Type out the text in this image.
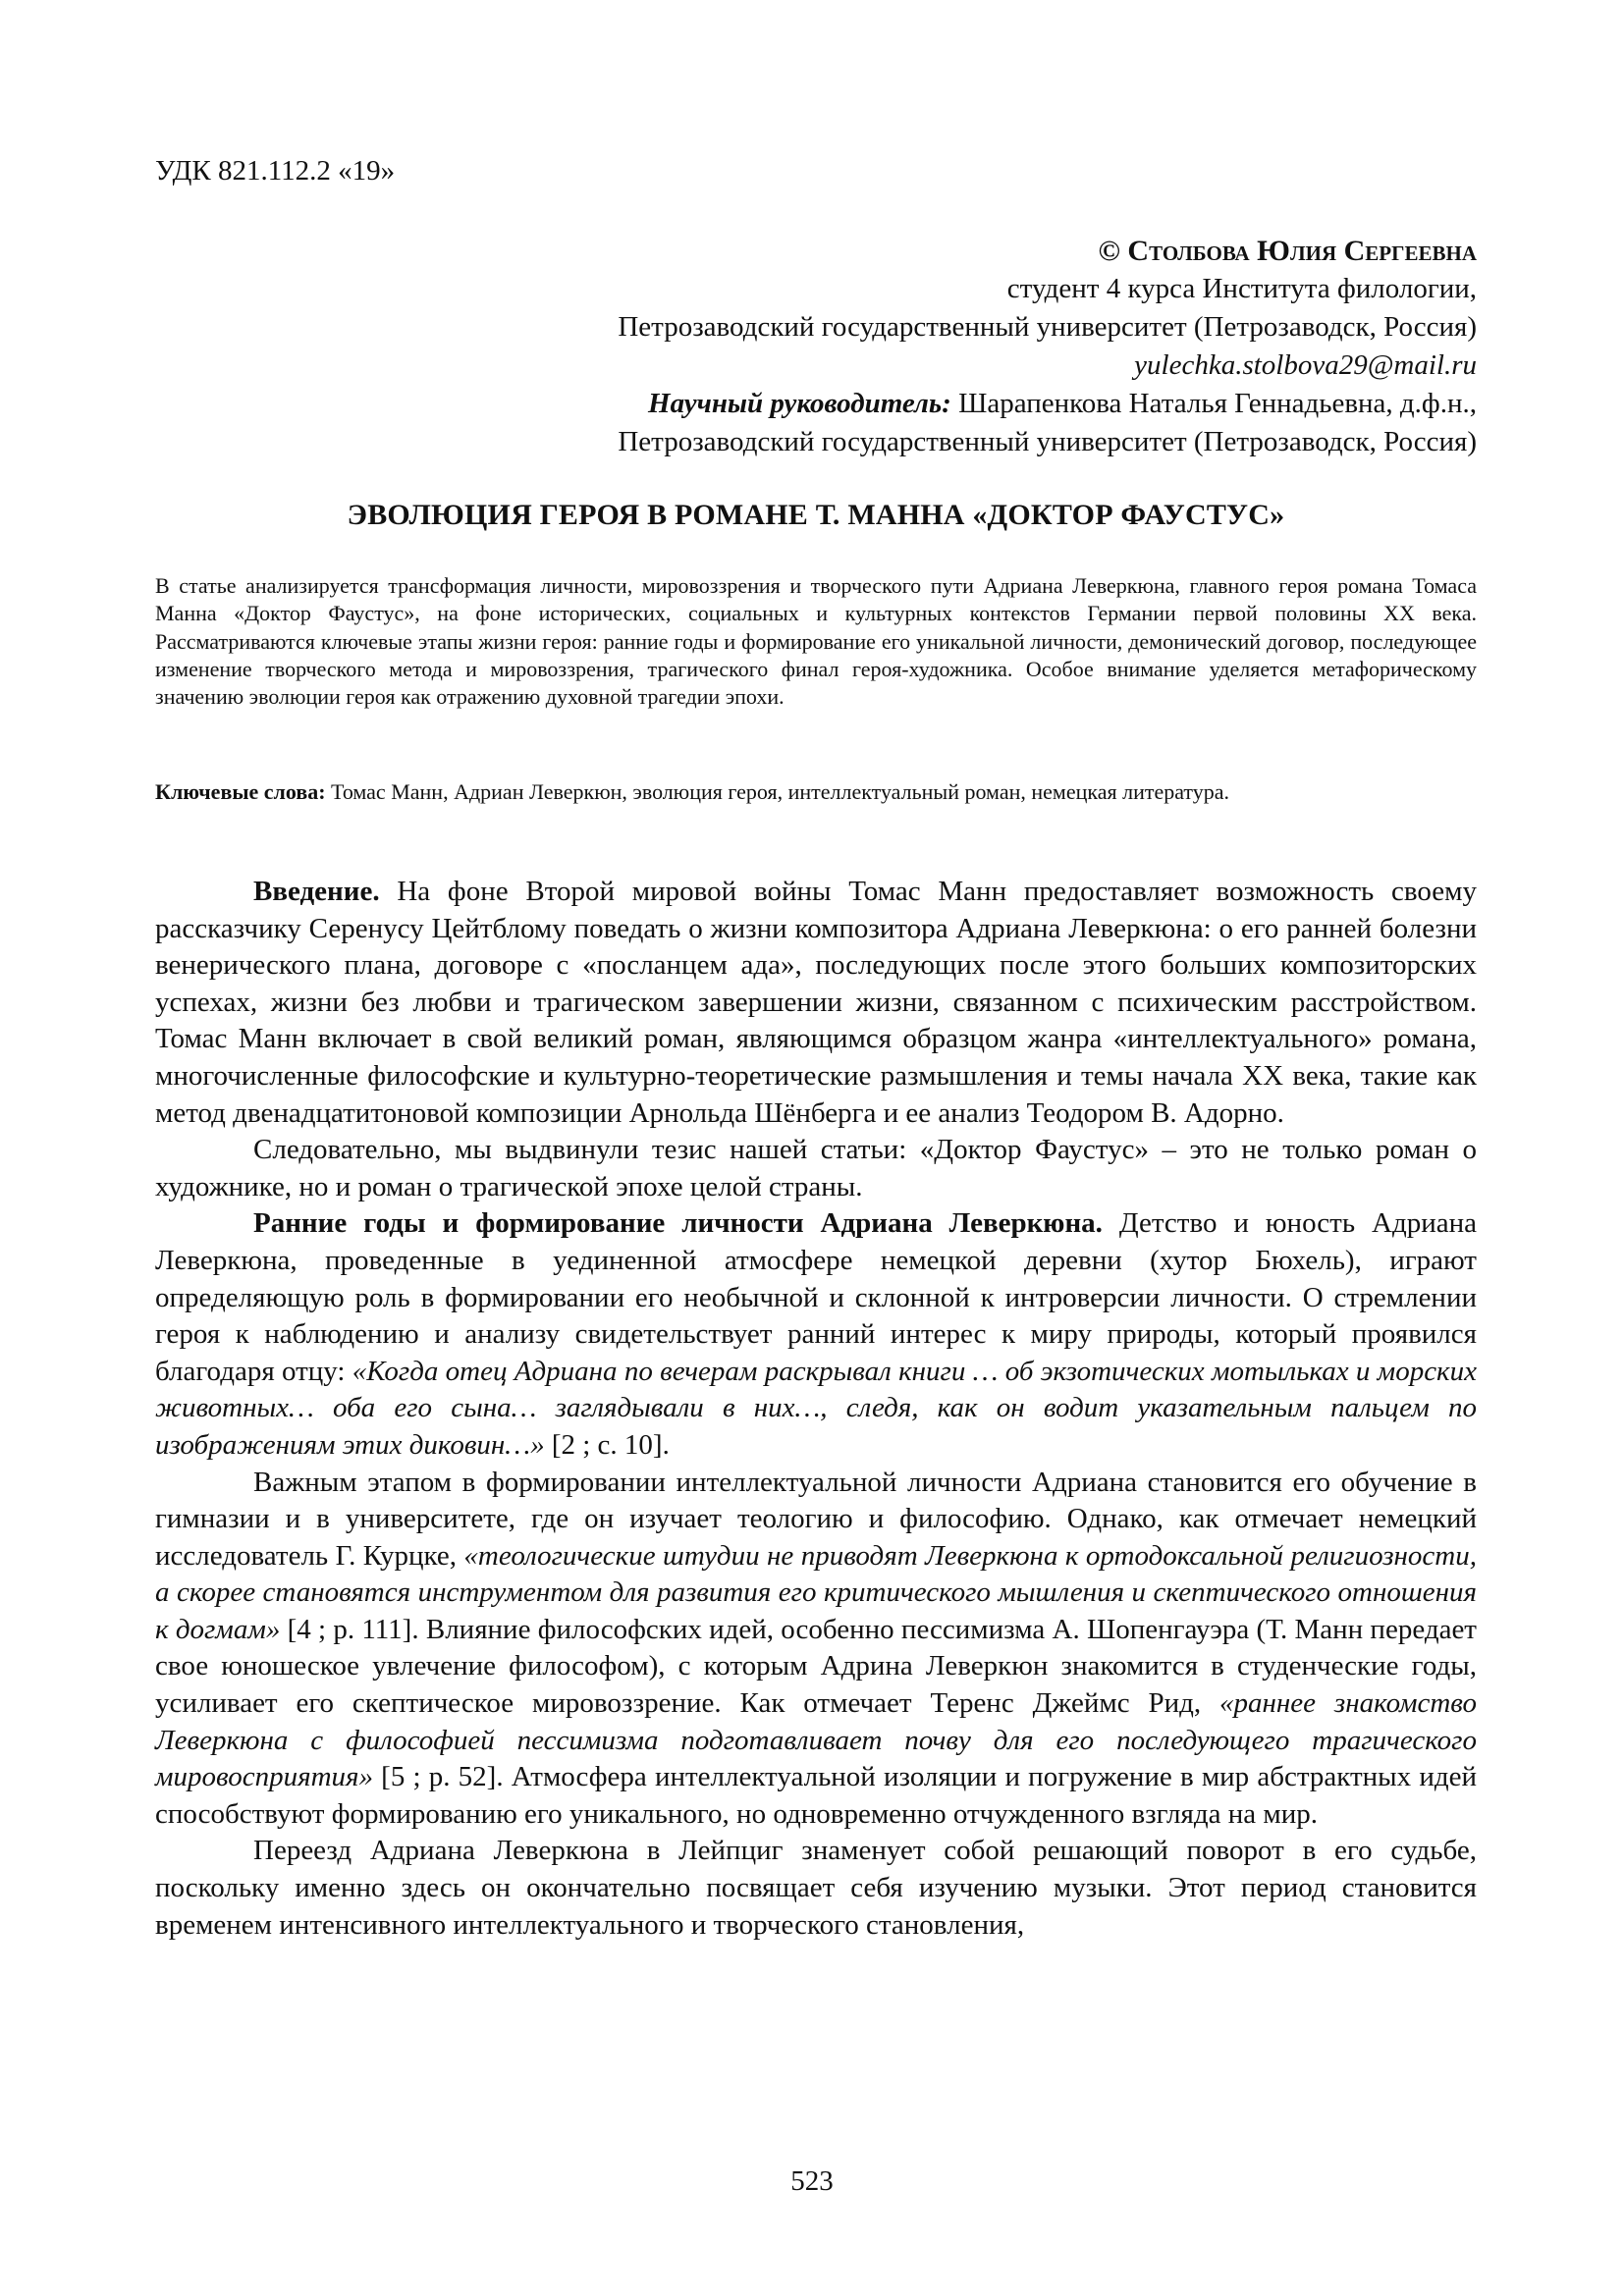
УДК 821.112.2 «19»
© Столбова Юлия Сергеевна
студент 4 курса Института филологии,
Петрозаводский государственный университет (Петрозаводск, Россия)
yulechka.stolbova29@mail.ru
Научный руководитель: Шарапенкова Наталья Геннадьевна, д.ф.н.,
Петрозаводский государственный университет (Петрозаводск, Россия)
ЭВОЛЮЦИЯ ГЕРОЯ В РОМАНЕ Т. МАННА «ДОКТОР ФАУСТУС»

В статье анализируется трансформация личности, мировоззрения и творческого пути Адриана Леверкюна, главного героя романа Томаса Манна «Доктор Фаустус», на фоне исторических, социальных и культурных контекстов Германии первой половины XX века. Рассматриваются ключевые этапы жизни героя: ранние годы и формирование его уникальной личности, демонический договор, последующее изменение творческого метода и мировоззрения, трагического финал героя-художника. Особое внимание уделяется метафорическому значению эволюции героя как отражению духовной трагедии эпохи.

Ключевые слова: Томас Манн, Адриан Леверкюн, эволюция героя, интеллектуальный роман, немецкая литература.

Введение. На фоне Второй мировой войны Томас Манн предоставляет возможность своему рассказчику Серенусу Цейтблому поведать о жизни композитора Адриана Леверкюна: о его ранней болезни венерического плана, договоре с «посланцем ада», последующих после этого больших композиторских успехах, жизни без любви и трагическом завершении жизни, связанном с психическим расстройством. Томас Манн включает в свой великий роман, являющимся образцом жанра «интеллектуального» романа, многочисленные философские и культурно-теоретические размышления и темы начала XX века, такие как метод двенадцатитоновой композиции Арнольда Шёнберга и ее анализ Теодором В. Адорно.

Следовательно, мы выдвинули тезис нашей статьи: «Доктор Фаустус» – это не только роман о художнике, но и роман о трагической эпохе целой страны.

Ранние годы и формирование личности Адриана Леверкюна. Детство и юность Адриана Леверкюна, проведенные в уединенной атмосфере немецкой деревни (хутор Бюхель), играют определяющую роль в формировании его необычной и склонной к интроверсии личности. О стремлении героя к наблюдению и анализу свидетельствует ранний интерес к миру природы, который проявился благодаря отцу: «Когда отец Адриана по вечерам раскрывал книги … об экзотических мотыльках и морских животных… оба его сына… заглядывали в них…, следя, как он водит указательным пальцем по изображениям этих диковин…» [2 ; с. 10].

Важным этапом в формировании интеллектуальной личности Адриана становится его обучение в гимназии и в университете, где он изучает теологию и философию. Однако, как отмечает немецкий исследователь Г. Курцке, «теологические штудии не приводят Леверкюна к ортодоксальной религиозности, а скорее становятся инструментом для развития его критического мышления и скептического отношения к догмам» [4 ; р. 111]. Влияние философских идей, особенно пессимизма А. Шопенгауэра (Т. Манн передает свое юношеское увлечение философом), с которым Адрина Леверкюн знакомится в студенческие годы, усиливает его скептическое мировоззрение. Как отмечает Теренс Джеймс Рид, «раннее знакомство Леверкюна с философией пессимизма подготавливает почву для его последующего трагического мировосприятия» [5 ; р. 52]. Атмосфера интеллектуальной изоляции и погружение в мир абстрактных идей способствуют формированию его уникального, но одновременно отчужденного взгляда на мир.

Переезд Адриана Леверкюна в Лейпциг знаменует собой решающий поворот в его судьбе, поскольку именно здесь он окончательно посвящает себя изучению музыки. Этот период становится временем интенсивного интеллектуального и творческого становления,

523
